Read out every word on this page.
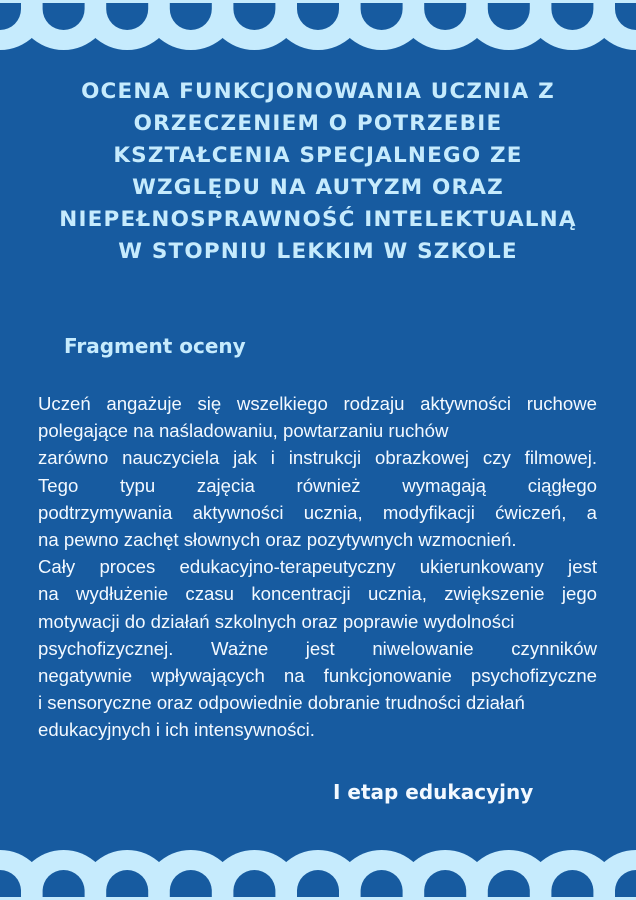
OCENA FUNKCJONOWANIA UCZNIA Z
ORZECZENIEM O POTRZEBIE
KSZTAŁCENIA SPECJALNEGO ZE
WZGLĘDU NA AUTYZM ORAZ
NIEPEŁNOSPRAWNOŚĆ INTELEKTUALNĄ
W STOPNIU LEKKIM W SZKOLE
Fragment oceny
Uczeń angażuje się wszelkiego rodzaju aktywności ruchowe
polegające na naśladowaniu, powtarzaniu ruchów
zarówno nauczyciela jak i instrukcji obrazkowej czy filmowej.
Tego typu zajęcia również wymagają ciągłego
podtrzymywania aktywności ucznia, modyfikacji ćwiczeń, a
na pewno zachęt słownych oraz pozytywnych wzmocnień.
Cały proces edukacyjno-terapeutyczny ukierunkowany jest
na wydłużenie czasu koncentracji ucznia, zwiększenie jego
motywacji do działań szkolnych oraz poprawie wydolności
psychofizycznej. Ważne jest niwelowanie czynników
negatywnie wpływających na funkcjonowanie psychofizyczne
i sensoryczne oraz odpowiednie dobranie trudności działań
edukacyjnych i ich intensywności.

I etap edukacyjny
